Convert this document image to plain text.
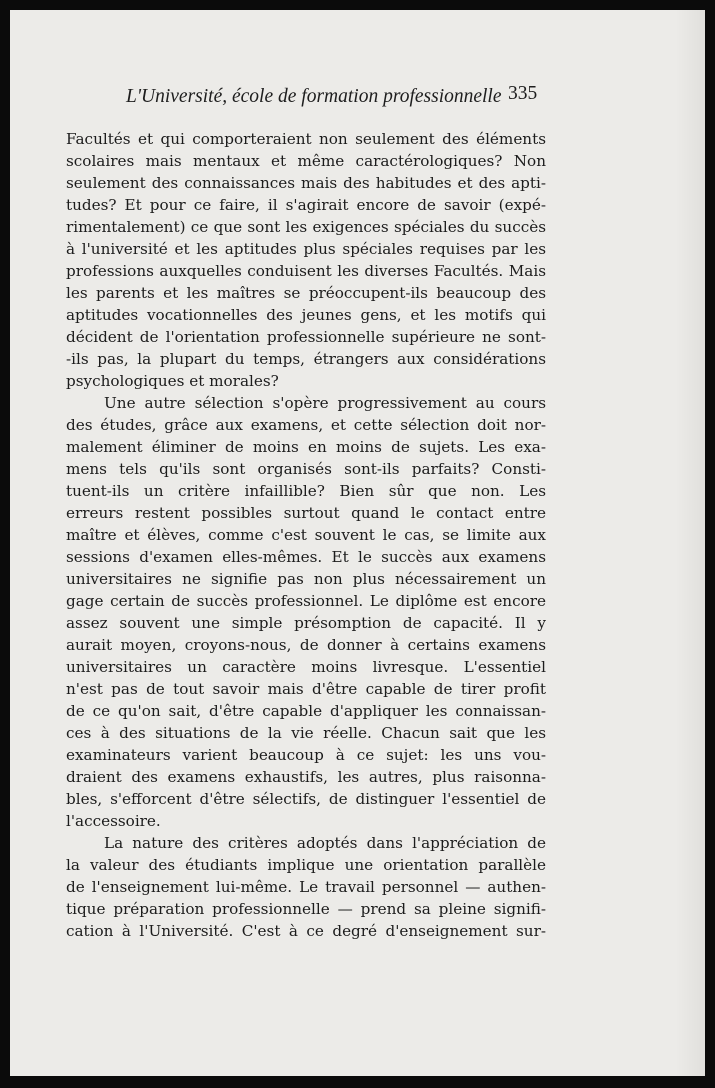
L'Université, école de formation professionnelle 335
Facultés et qui comporteraient non seulement des éléments
scolaires mais mentaux et même caractérologiques? Non
seulement des connaissances mais des habitudes et des apti-
tudes? Et pour ce faire, il s'agirait encore de savoir (expé-
rimentalement) ce que sont les exigences spéciales du succès
à l'université et les aptitudes plus spéciales requises par les
professions auxquelles conduisent les diverses Facultés. Mais
les parents et les maîtres se préoccupent-ils beaucoup des
aptitudes vocationnelles des jeunes gens, et les motifs qui
décident de l'orientation professionnelle supérieure ne sont-
-ils pas, la plupart du temps, étrangers aux considérations
psychologiques et morales?
Une autre sélection s'opère progressivement au cours
des études, grâce aux examens, et cette sélection doit nor-
malement éliminer de moins en moins de sujets. Les exa-
mens tels qu'ils sont organisés sont-ils parfaits? Consti-
tuent-ils un critère infaillible? Bien sûr que non. Les
erreurs restent possibles surtout quand le contact entre
maître et élèves, comme c'est souvent le cas, se limite aux
sessions d'examen elles-mêmes. Et le succès aux examens
universitaires ne signifie pas non plus nécessairement un
gage certain de succès professionnel. Le diplôme est encore
assez souvent une simple présomption de capacité. Il y
aurait moyen, croyons-nous, de donner à certains examens
universitaires un caractère moins livresque. L'essentiel
n'est pas de tout savoir mais d'être capable de tirer profit
de ce qu'on sait, d'être capable d'appliquer les connaissan-
ces à des situations de la vie réelle. Chacun sait que les
examinateurs varient beaucoup à ce sujet: les uns vou-
draient des examens exhaustifs, les autres, plus raisonna-
bles, s'efforcent d'être sélectifs, de distinguer l'essentiel de
l'accessoire.
La nature des critères adoptés dans l'appréciation de
la valeur des étudiants implique une orientation parallèle
de l'enseignement lui-même. Le travail personnel — authen-
tique préparation professionnelle — prend sa pleine signifi-
cation à l'Université. C'est à ce degré d'enseignement sur-
